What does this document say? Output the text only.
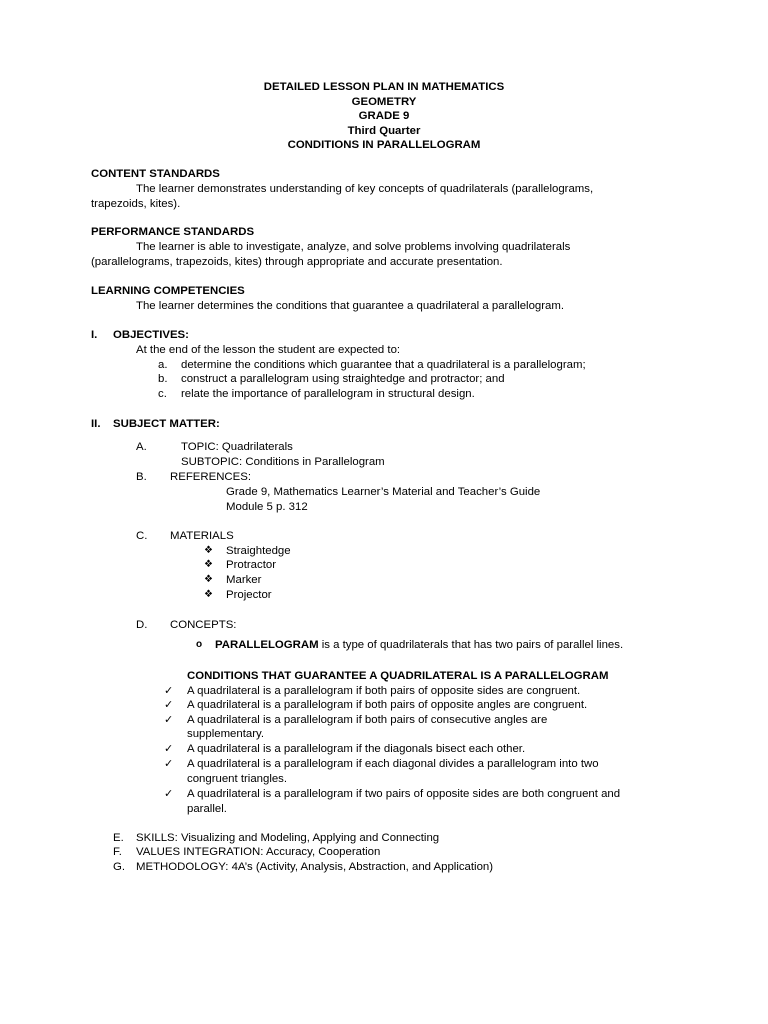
DETAILED LESSON PLAN IN MATHEMATICS
GEOMETRY
GRADE 9
Third Quarter
CONDITIONS IN PARALLELOGRAM
CONTENT STANDARDS
The learner demonstrates understanding of key concepts of quadrilaterals (parallelograms,
trapezoids, kites).
PERFORMANCE STANDARDS
The learner is able to investigate, analyze, and solve problems involving quadrilaterals
(parallelograms, trapezoids, kites) through appropriate and accurate presentation.
LEARNING COMPETENCIES
The learner determines the conditions that guarantee a quadrilateral a parallelogram.
I. OBJECTIVES:
At the end of the lesson the student are expected to:
a. determine the conditions which guarantee that a quadrilateral is a parallelogram;
b. construct a parallelogram using straightedge and protractor; and
c. relate the importance of parallelogram in structural design.
II. SUBJECT MATTER:
A.	TOPIC: Quadrilaterals
SUBTOPIC: Conditions in Parallelogram
B. REFERENCES:
Grade 9, Mathematics Learner’s Material and Teacher’s Guide
Module 5 p. 312
C. MATERIALS
❖ Straightedge
❖ Protractor
❖ Marker
❖ Projector
D. CONCEPTS:
o PARALLELOGRAM is a type of quadrilaterals that has two pairs of parallel lines.
CONDITIONS THAT GUARANTEE A QUADRILATERAL IS A PARALLELOGRAM
✓ A quadrilateral is a parallelogram if both pairs of opposite sides are congruent.
✓ A quadrilateral is a parallelogram if both pairs of opposite angles are congruent.
✓ A quadrilateral is a parallelogram if both pairs of consecutive angles are
supplementary.
✓ A quadrilateral is a parallelogram if the diagonals bisect each other.
✓ A quadrilateral is a parallelogram if each diagonal divides a parallelogram into two
congruent triangles.
✓ A quadrilateral is a parallelogram if two pairs of opposite sides are both congruent and
parallel.
E. SKILLS: Visualizing and Modeling, Applying and Connecting
F. VALUES INTEGRATION: Accuracy, Cooperation
G. METHODOLOGY: 4A’s (Activity, Analysis, Abstraction, and Application)
